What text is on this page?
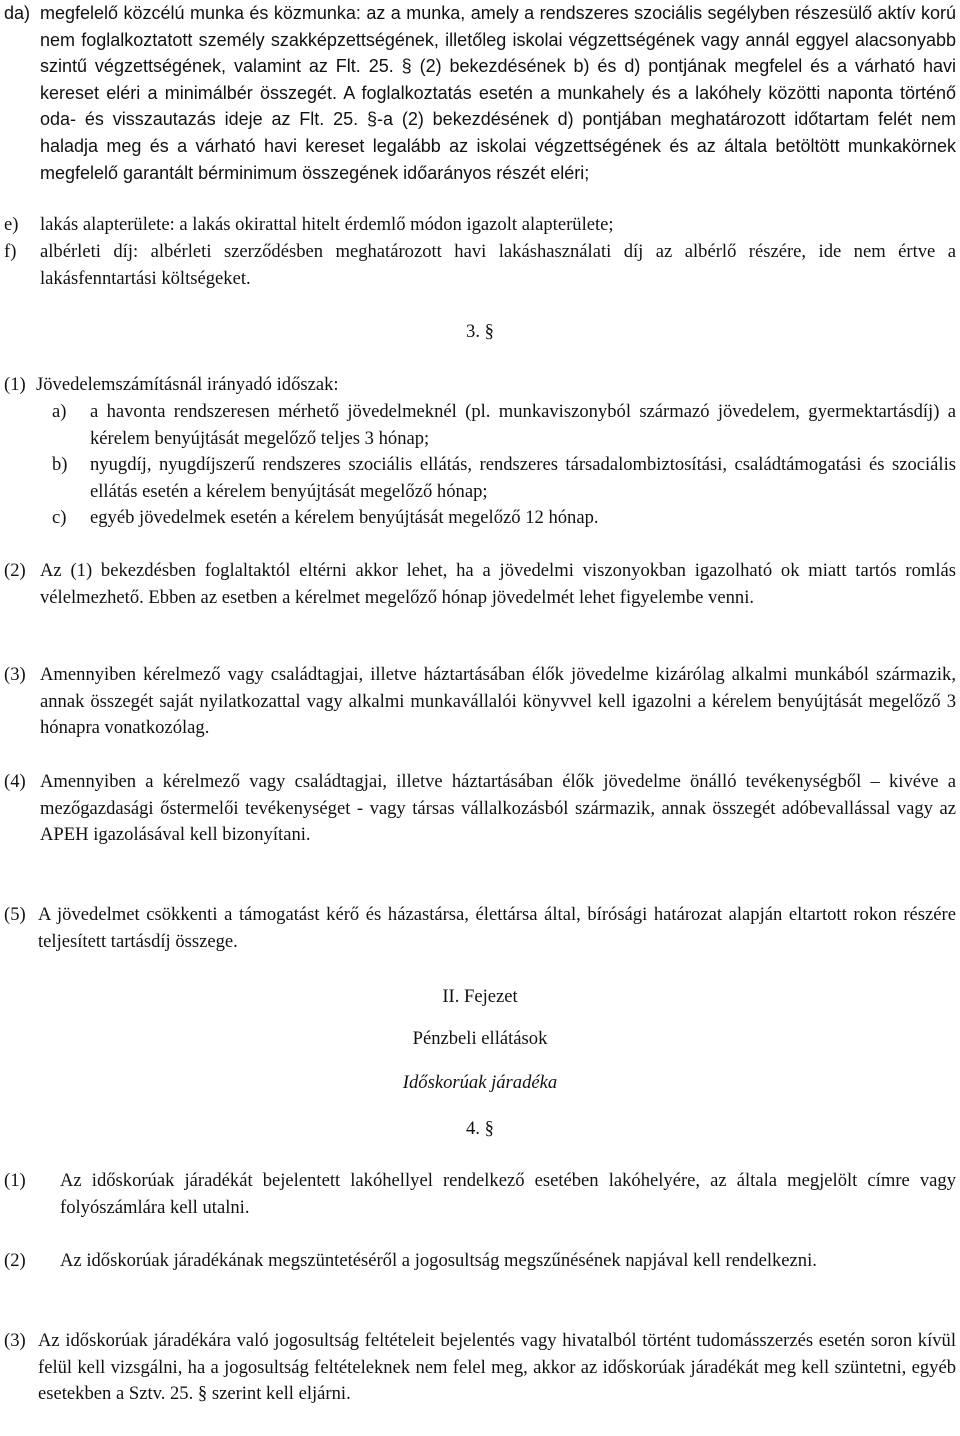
da) megfelelő közcélú munka és közmunka: az a munka, amely a rendszeres szociális segélyben részesülő aktív korú nem foglalkoztatott személy szakképzettségének, illetőleg iskolai végzettségének vagy annál eggyel alacsonyabb szintű végzettségének, valamint az Flt. 25. § (2) bekezdésének b) és d) pontjának megfelel és a várható havi kereset eléri a minimálbér összegét. A foglalkoztatás esetén a munkahely és a lakóhely közötti naponta történő oda- és visszautazás ideje az Flt. 25. §-a (2) bekezdésének d) pontjában meghatározott időtartam felét nem haladja meg és a várható havi kereset legalább az iskolai végzettségének és az általa betöltött munkakörnek megfelelő garantált bérminimum összegének időarányos részét eléri;
e)	lakás alapterülete: a lakás okirattal hitelt érdemlő módon igazolt alapterülete;
f)	albérleti díj: albérleti szerződésben meghatározott havi lakáshasználati díj az albérlő részére, ide nem értve a lakásfenntartási költségeket.
3. §
(1) Jövedelemszámításnál irányadó időszak:
a)	a havonta rendszeresen mérhető jövedelmeknél (pl. munkaviszonyból származó jövedelem, gyermektartásdíj) a kérelem benyújtását megelőző teljes 3 hónap;
b)	nyugdíj, nyugdíjszerű rendszeres szociális ellátás, rendszeres társadalombiztosítási, családtámogatási és szociális ellátás esetén a kérelem benyújtását megelőző hónap;
c)	egyéb jövedelmek esetén a kérelem benyújtását megelőző 12 hónap.
(2) Az (1) bekezdésben foglaltaktól eltérni akkor lehet, ha a jövedelmi viszonyokban igazolható ok miatt tartós romlás vélelmezhető. Ebben az esetben a kérelmet megelőző hónap jövedelmét lehet figyelembe venni.
(3) Amennyiben kérelmező vagy családtagjai, illetve háztartásában élők jövedelme kizárólag alkalmi munkából származik, annak összegét saját nyilatkozattal vagy alkalmi munkavállalói könyvvel kell igazolni a kérelem benyújtását megelőző 3 hónapra vonatkozólag.
(4) Amennyiben a kérelmező vagy családtagjai, illetve háztartásában élők jövedelme önálló tevékenységből – kivéve a mezőgazdasági őstermelői tevékenységet - vagy társas vállalkozásból származik, annak összegét adóbevallással vagy az APEH igazolásával kell bizonyítani.
(5) A jövedelmet csökkenti a támogatást kérő és házastársa, élettársa által, bírósági határozat alapján eltartott rokon részére teljesített tartásdíj összege.
II. Fejezet
Pénzbeli ellátások
Időskorúak járadéka
4. §
(1)	Az időskorúak járadékát bejelentett lakóhellyel rendelkező esetében lakóhelyére, az általa megjelölt címre vagy folyószámlára kell utalni.
(2)	Az időskorúak járadékának megszüntetéséről a jogosultság megszűnésének napjával kell rendelkezni.
(3) Az időskorúak járadékára való jogosultság feltételeit bejelentés vagy hivatalból történt tudomásszerzés esetén soron kívül felül kell vizsgálni, ha a jogosultság feltételeknek nem felel meg, akkor az időskorúak járadékát meg kell szüntetni, egyéb esetekben a Sztv. 25. § szerint kell eljárni.
